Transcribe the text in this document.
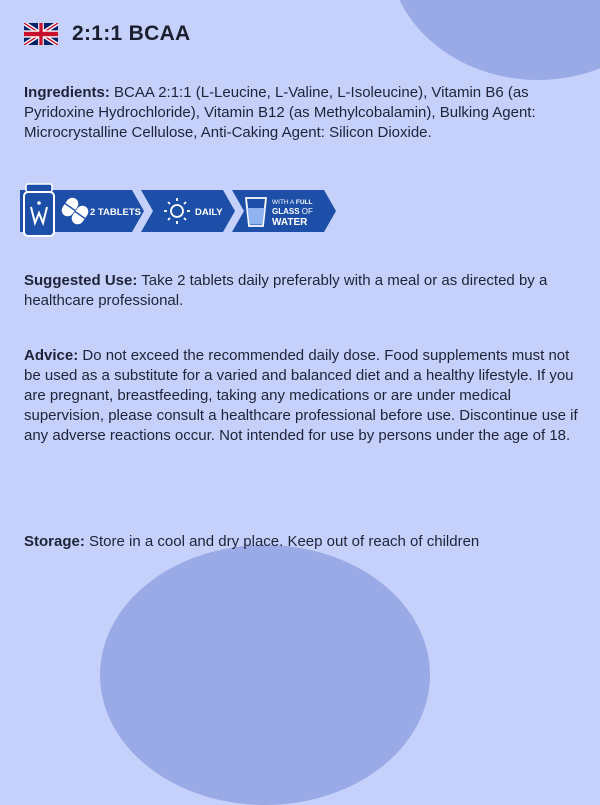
2:1:1 BCAA

Ingredients: BCAA 2:1:1 (L-Leucine, L-Valine, L-Isoleucine), Vitamin B6 (as Pyridoxine Hydrochloride), Vitamin B12 (as Methylcobalamin), Bulking Agent: Microcrystalline Cellulose, Anti-Caking Agent: Silicon Dioxide.

2 TABLETS	DAILY
WITH A FULL
GLASS OF
WATER

Suggested Use: Take 2 tablets daily preferably with a meal or as directed by a healthcare professional.

Advice: Do not exceed the recommended daily dose. Food supplements must not be used as a substitute for a varied and balanced diet and a healthy lifestyle. If you are pregnant, breastfeeding, taking any medications or are under medical supervision, please consult a healthcare professional before use. Discontinue use if any adverse reactions occur. Not intended for use by persons under the age of 18.

Storage: Store in a cool and dry place. Keep out of reach of children
